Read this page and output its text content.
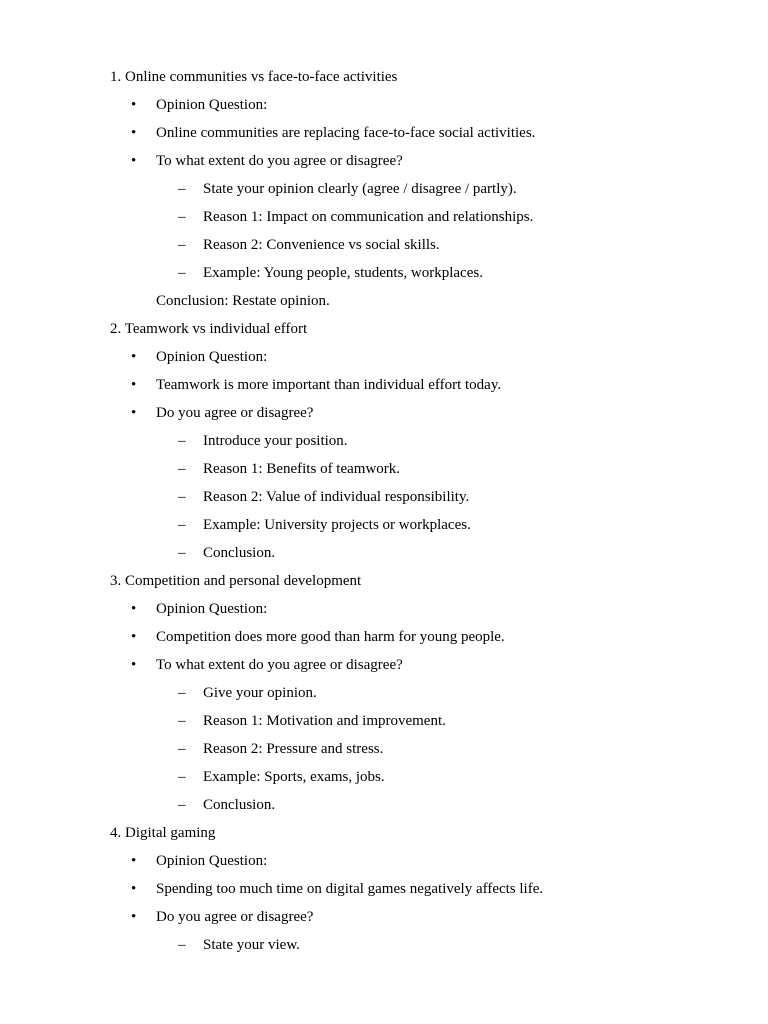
1. Online communities vs face-to-face activities
•	Opinion Question:
•	Online communities are replacing face-to-face social activities.
•	To what extent do you agree or disagree?
– State your opinion clearly (agree / disagree / partly).
– Reason 1: Impact on communication and relationships.
– Reason 2: Convenience vs social skills.
– Example: Young people, students, workplaces.
Conclusion: Restate opinion.
2. Teamwork vs individual effort
•	Opinion Question:
•	Teamwork is more important than individual effort today.
•	Do you agree or disagree?
– Introduce your position.
– Reason 1: Benefits of teamwork.
– Reason 2: Value of individual responsibility.
– Example: University projects or workplaces.
– Conclusion.
3. Competition and personal development
•	Opinion Question:
•	Competition does more good than harm for young people.
•	To what extent do you agree or disagree?
– Give your opinion.
– Reason 1: Motivation and improvement.
– Reason 2: Pressure and stress.
– Example: Sports, exams, jobs.
– Conclusion.
4. Digital gaming
•	Opinion Question:
•	Spending too much time on digital games negatively affects life.
•	Do you agree or disagree?
– State your view.
